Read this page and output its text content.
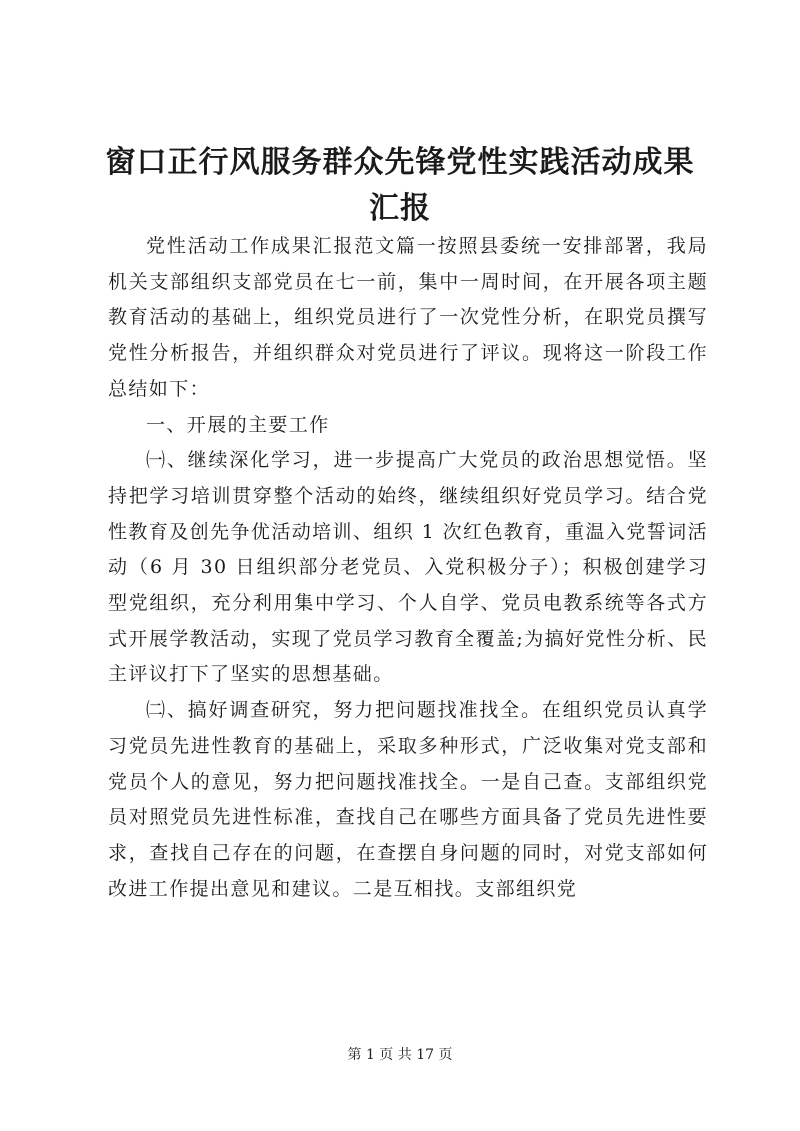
窗口正行风服务群众先锋党性实践活动成果汇报

党性活动工作成果汇报范文篇一按照县委统一安排部署，我局机关支部组织支部党员在七一前，集中一周时间，在开展各项主题教育活动的基础上，组织党员进行了一次党性分析，在职党员撰写党性分析报告，并组织群众对党员进行了评议。现将这一阶段工作总结如下：

一、开展的主要工作

㈠、继续深化学习，进一步提高广大党员的政治思想觉悟。坚持把学习培训贯穿整个活动的始终，继续组织好党员学习。结合党性教育及创先争优活动培训、组织 1 次红色教育，重温入党誓词活动（6 月 30 日组织部分老党员、入党积极分子）；积极创建学习型党组织，充分利用集中学习、个人自学、党员电教系统等各式方式开展学教活动，实现了党员学习教育全覆盖;为搞好党性分析、民主评议打下了坚实的思想基础。

㈡、搞好调查研究，努力把问题找准找全。在组织党员认真学习党员先进性教育的基础上，采取多种形式，广泛收集对党支部和党员个人的意见，努力把问题找准找全。一是自己查。支部组织党员对照党员先进性标准，查找自己在哪些方面具备了党员先进性要求，查找自己存在的问题，在查摆自身问题的同时，对党支部如何改进工作提出意见和建议。二是互相找。支部组织党

第 1 页 共 17 页
